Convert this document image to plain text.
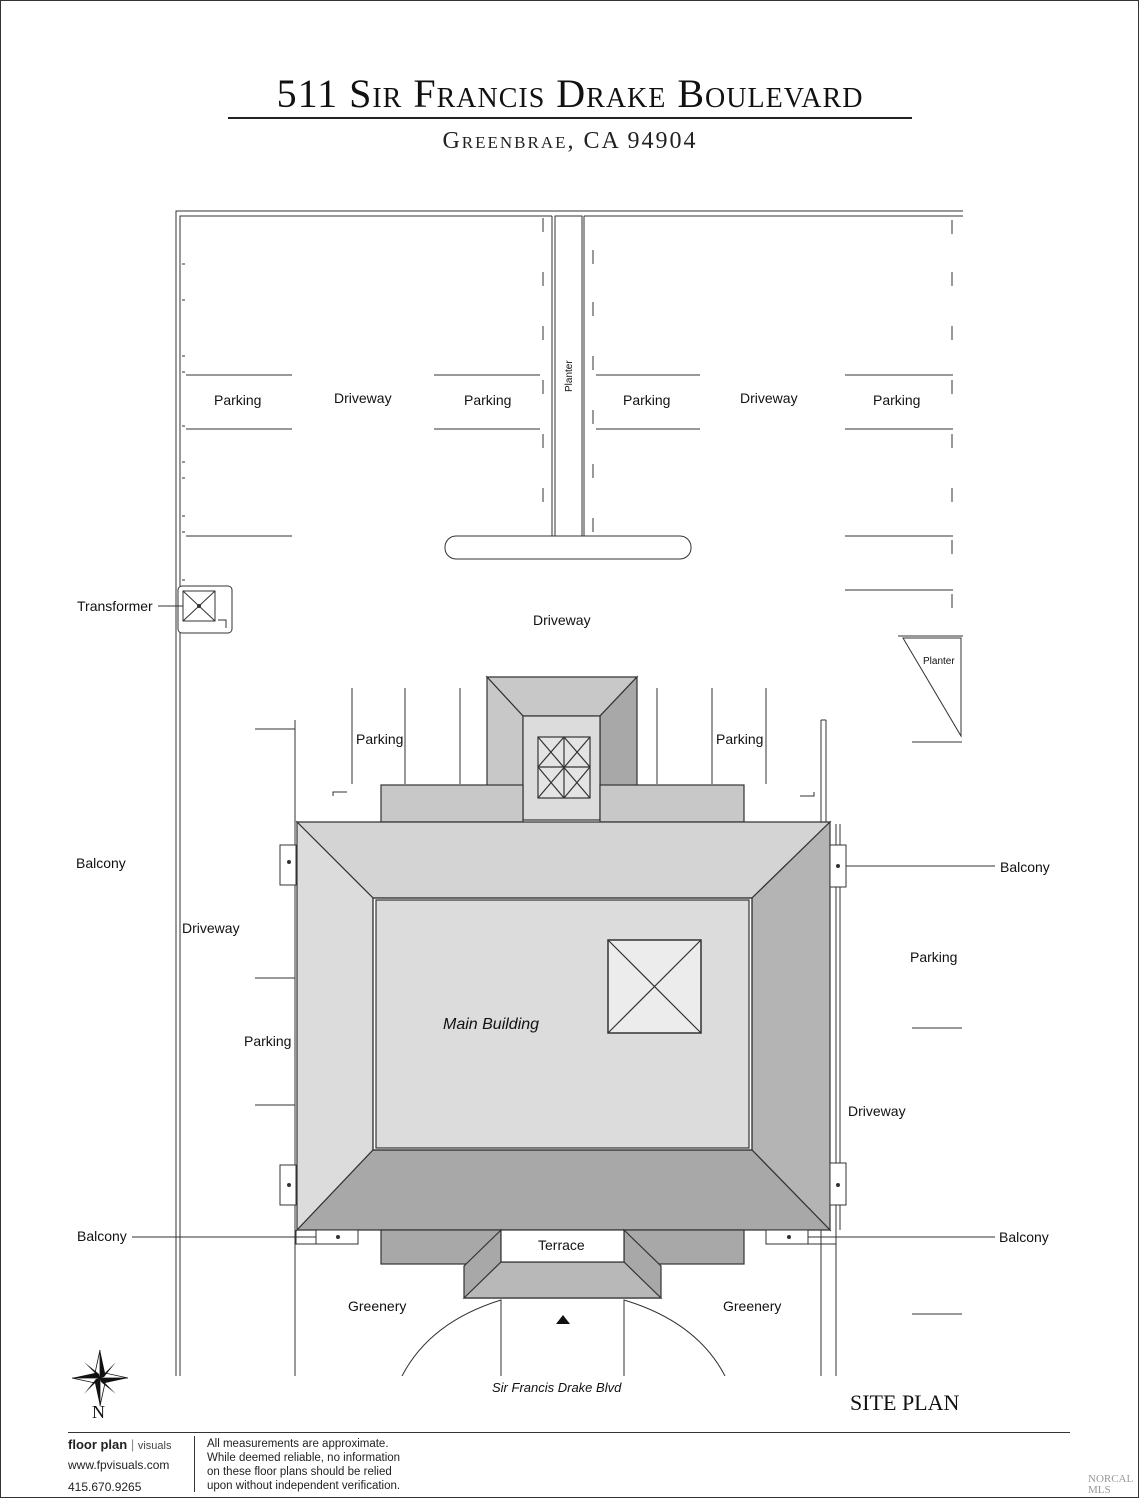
511 Sir Francis Drake Boulevard
Greenbrae, CA 94904
Parking	Driveway	Parking
Planter
Parking	Driveway	Parking
Transformer
Driveway
Planter
Parking	Parking
Balcony	Balcony
Driveway
Parking
Main Building
Parking
Driveway
Balcony	Balcony
Terrace
Greenery	Greenery
Sir Francis Drake Blvd
N	SITE PLAN
floor plan | visuals
www.fpvisuals.com
415.670.9265
All measurements are approximate.
While deemed reliable, no information
on these floor plans should be relied
upon without independent verification.
NORCAL
MLS
